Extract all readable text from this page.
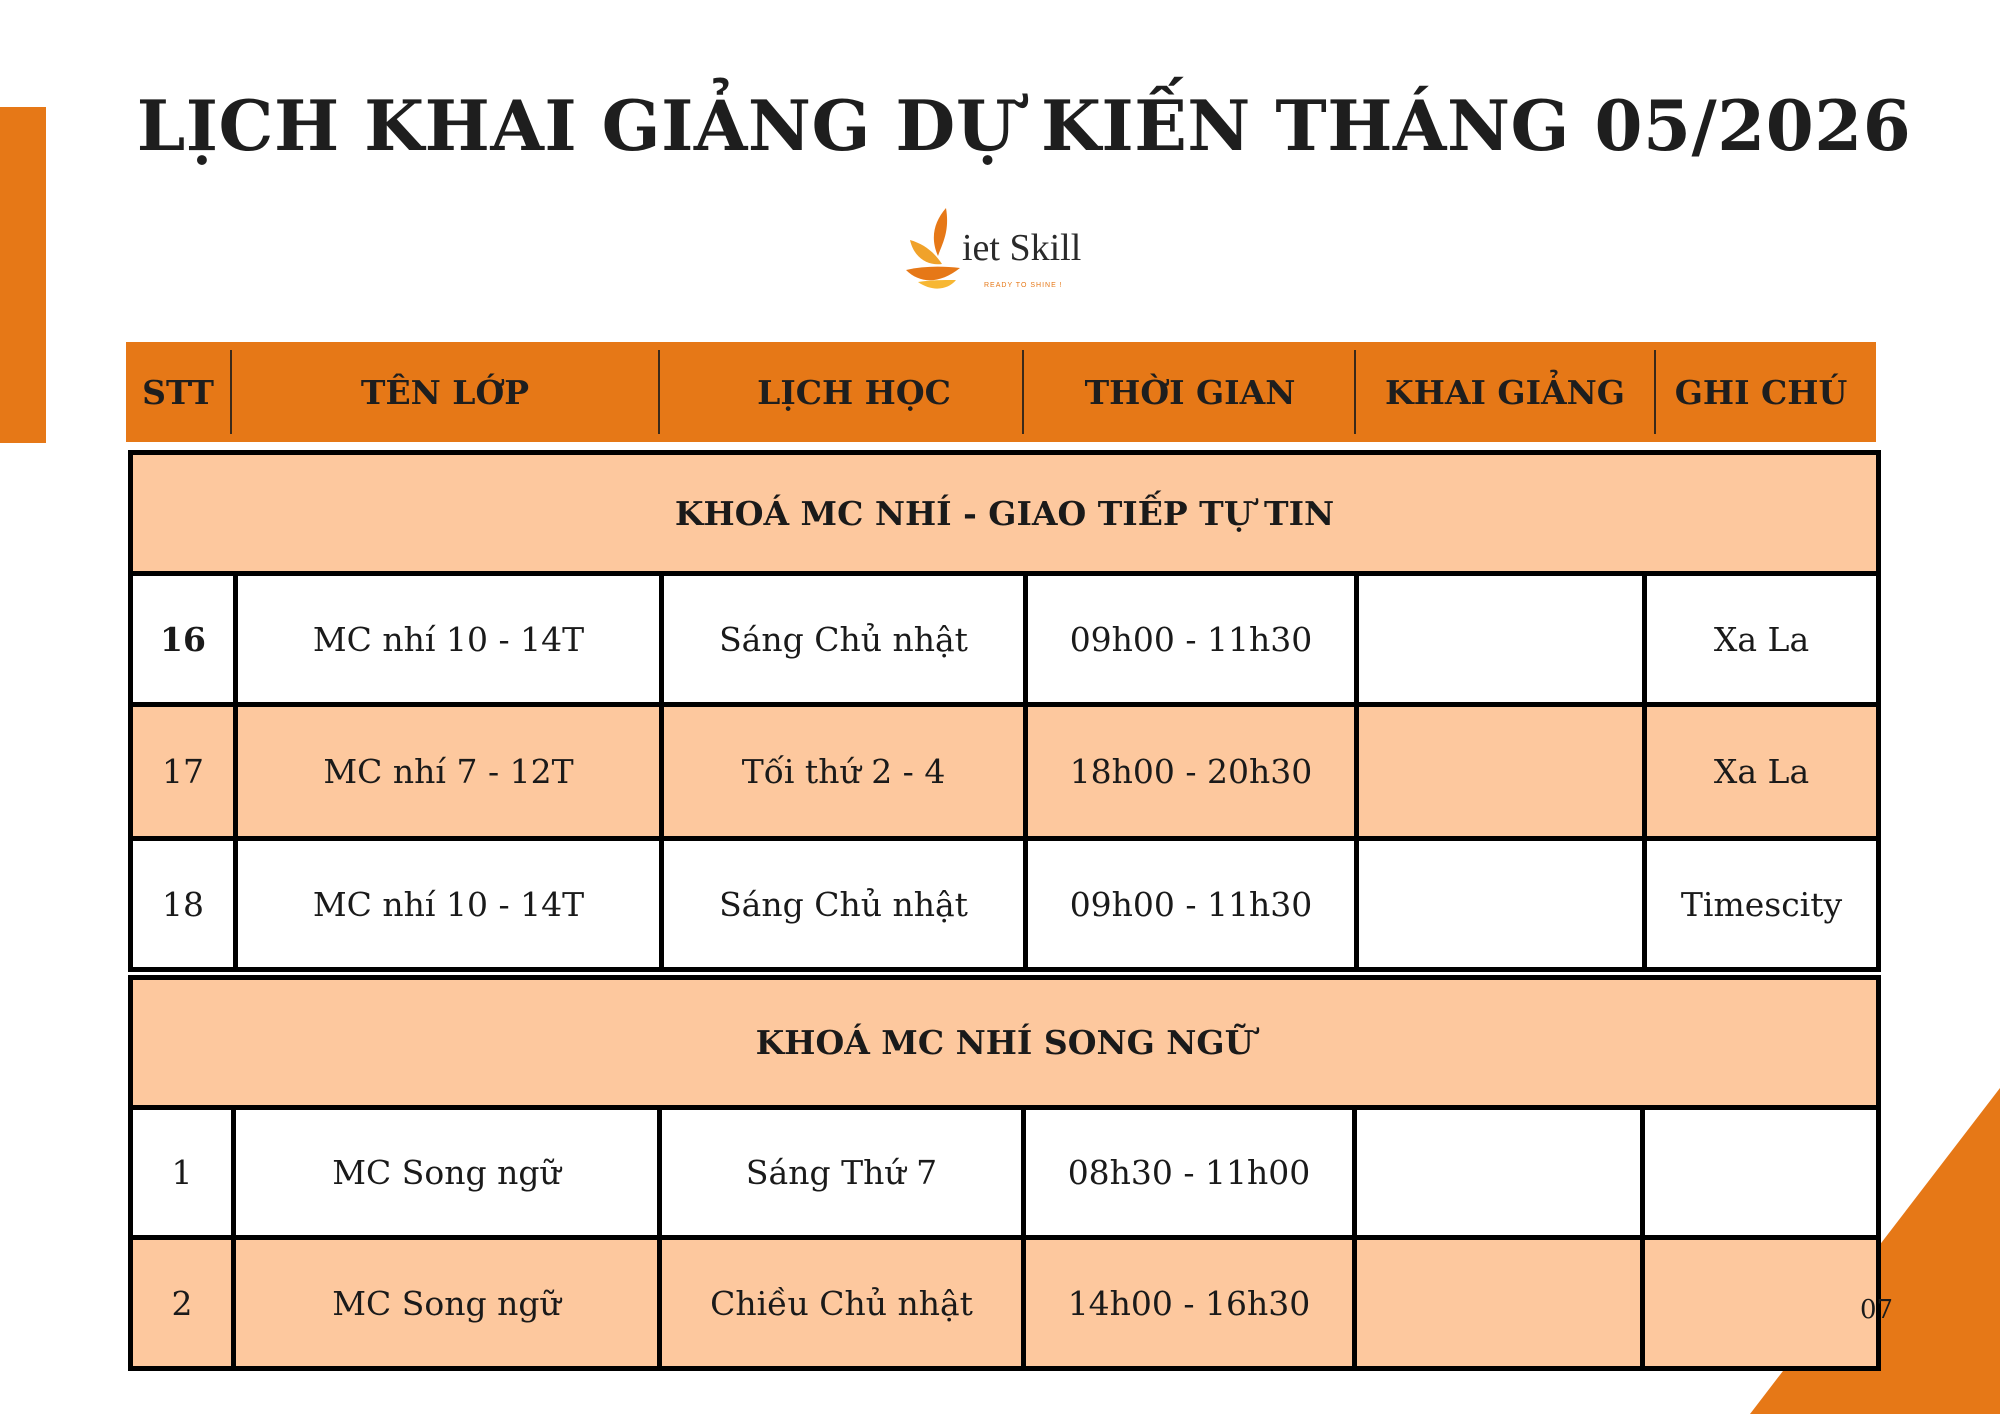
LỊCH KHAI GIẢNG DỰ KIẾN THÁNG 05/2026
iet Skill
READY TO SHINE !
STT	TÊN LỚP	LỊCH HỌC	THỜI GIAN	KHAI GIẢNG	GHI CHÚ
KHOÁ MC NHÍ - GIAO TIẾP TỰ TIN					
16	MC nhí 10 - 14T	Sáng Chủ nhật	09h00 - 11h30		Xa La
17	MC nhí 7 - 12T	Tối thứ 2 - 4	18h00 - 20h30		Xa La
18	MC nhí 10 - 14T	Sáng Chủ nhật	09h00 - 11h30		Timescity
KHOÁ MC NHÍ SONG NGỮ					
1	MC Song ngữ	Sáng Thứ 7	08h30 - 11h00		
2	MC Song ngữ	Chiều Chủ nhật	14h00 - 16h30			07
